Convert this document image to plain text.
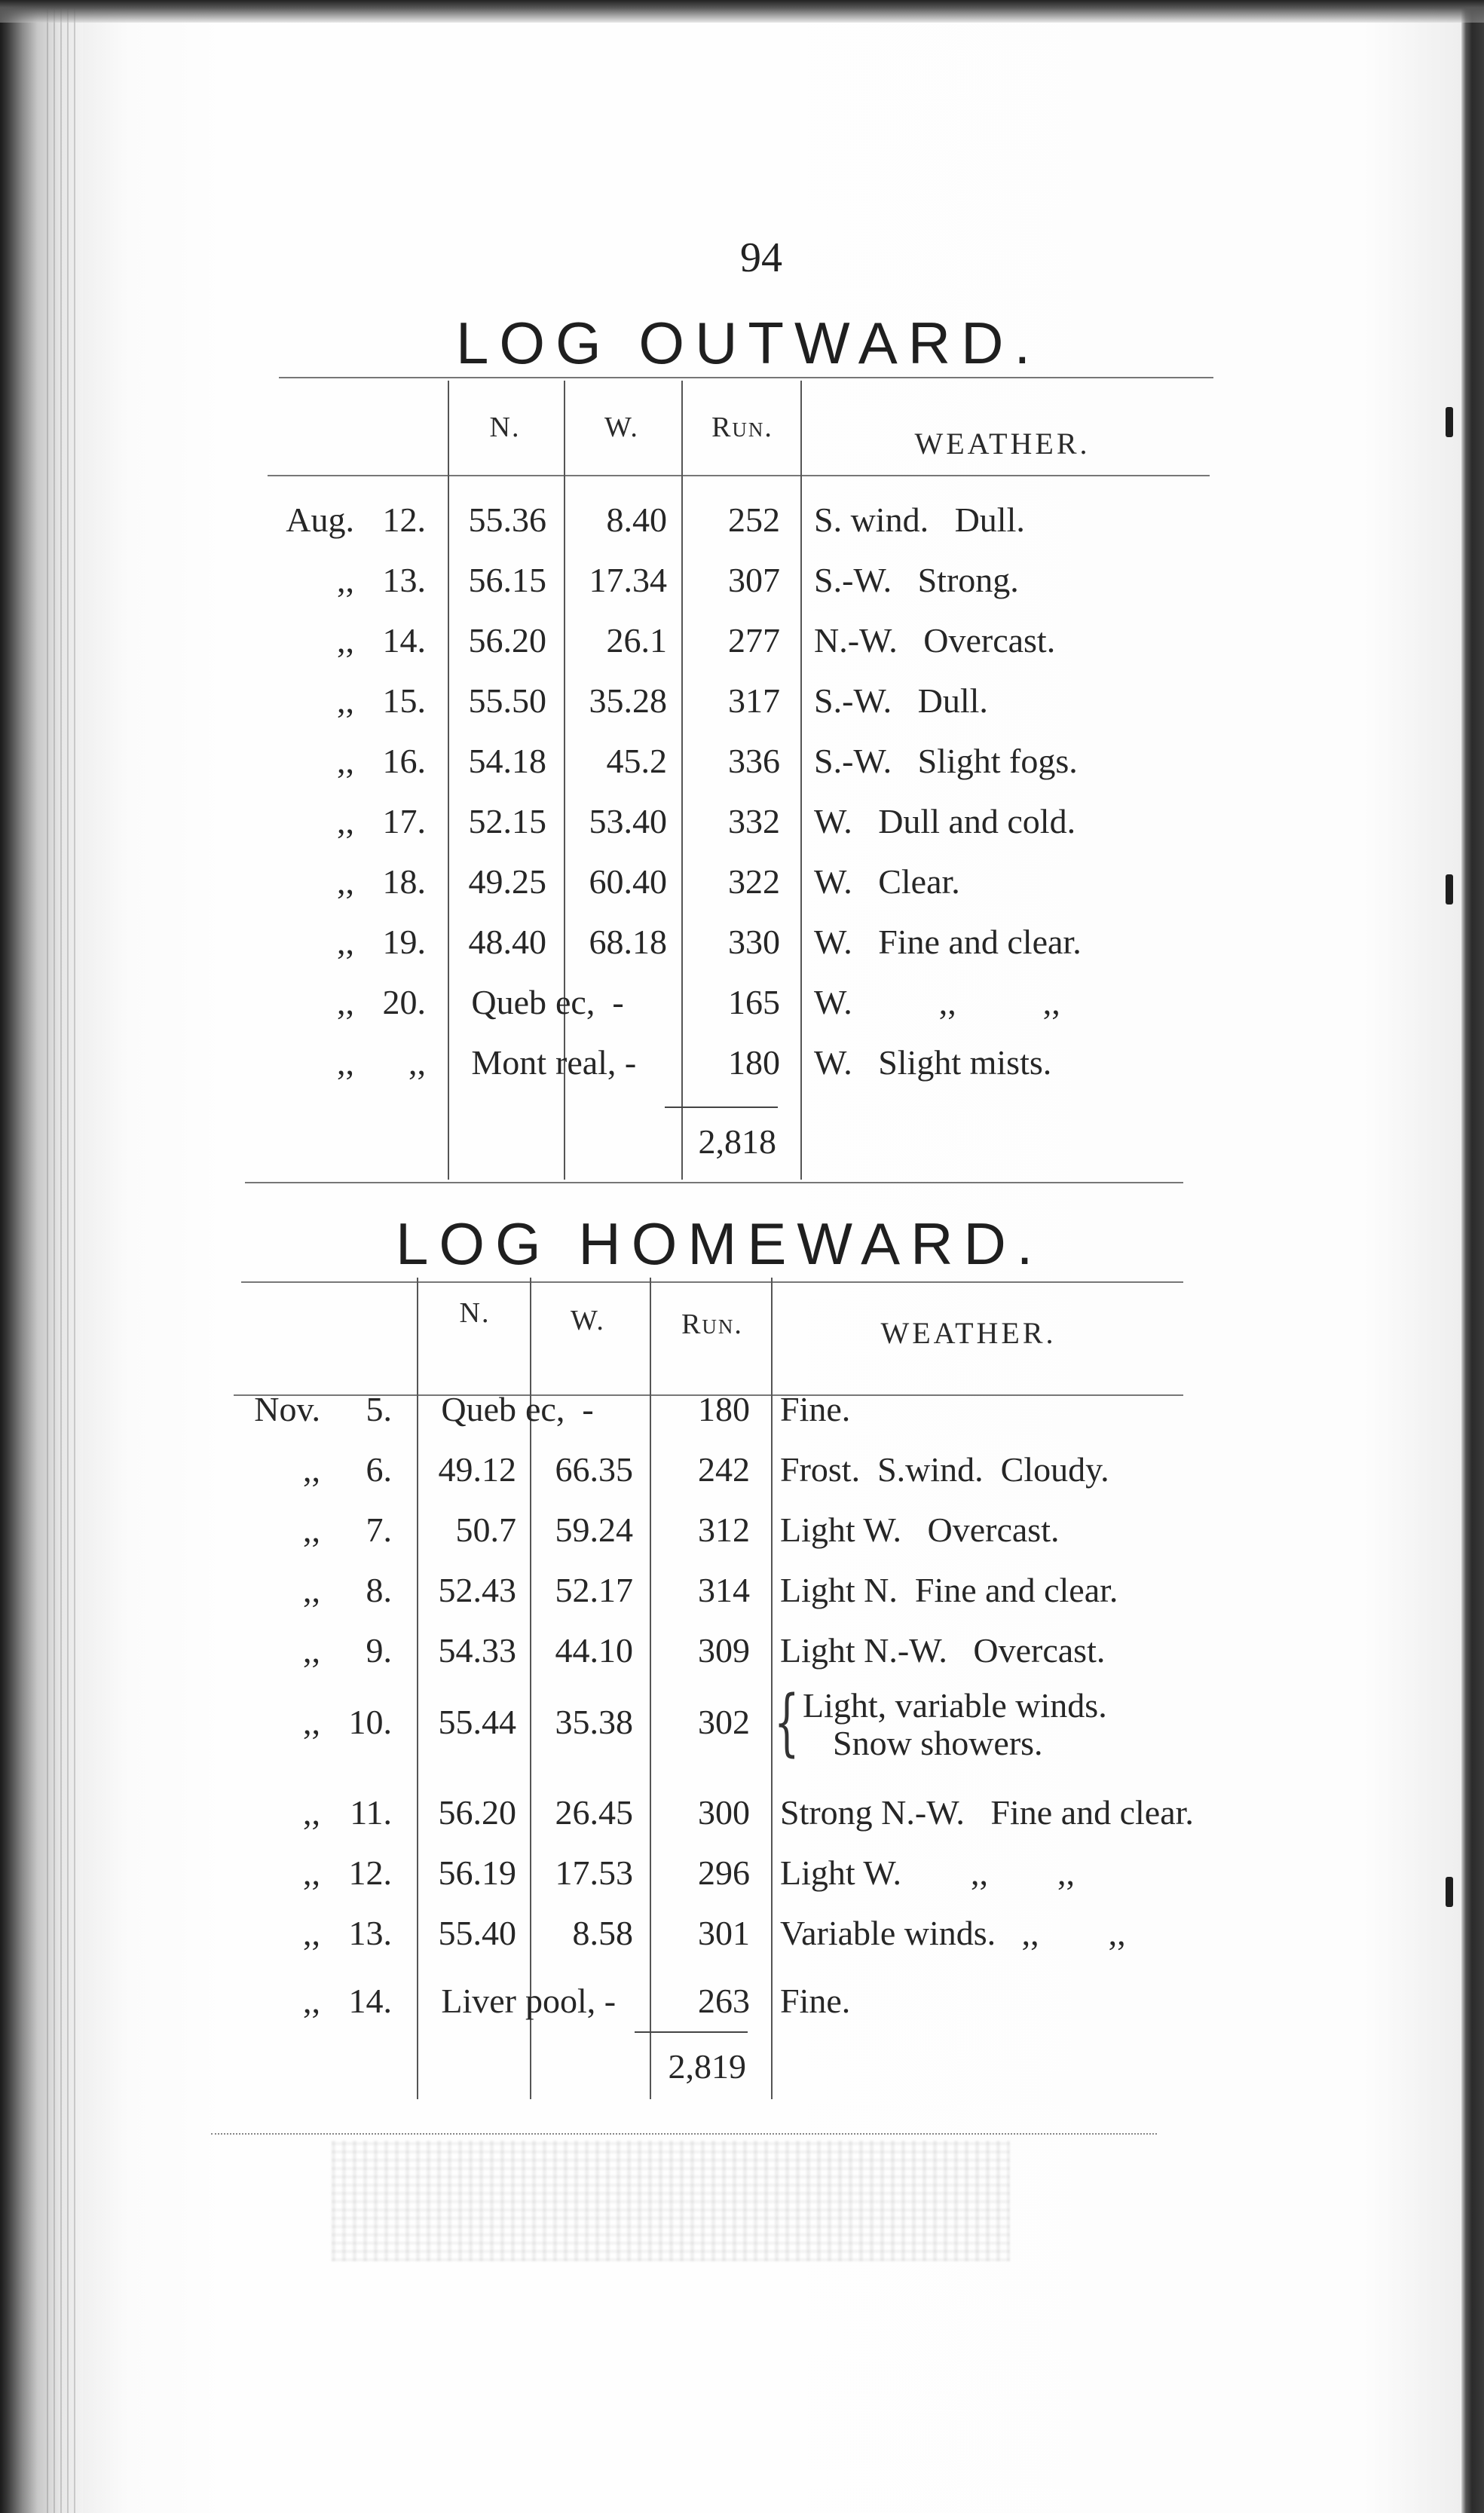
94
LOG OUTWARD.
N.	W.	Run.	WEATHER.
Aug. 12.	55.36	8.40	252 S. wind.   Dull.
,, 13.	56.15	17.34	307 S.-W.   Strong.
,, 14.	56.20	26.1	277 N.-W.   Overcast.
,, 15.	55.50	35.28	317 S.-W.   Dull.
,, 16.	54.18	45.2	336 S.-W.   Slight fogs.
,, 17.	52.15	53.40	332 W.   Dull and cold.
,, 18.	49.25	60.40	322 W.   Clear.
,, 19.	48.40	68.18	330 W.   Fine and clear.
,, 20.	Queb ec,  -	165 W.          ,,          ,,
,,	,,	Mont real, -	180 W.   Slight mists.
2,818
LOG HOMEWARD.
N.	W.	Run.	WEATHER.
Nov.	5.	Queb ec,  -	180 Fine.
,,	6.	49.12	66.35	242 Frost.  S.wind.  Cloudy.
,,	7.	50.7	59.24	312 Light W.   Overcast.
,,	8.	52.43	52.17	314 Light N.  Fine and clear.
,,	9.	54.33	44.10	309 Light N.-W.   Overcast.
,, 10.	55.44	35.38	302 Light, variable winds.
{ Snow showers.
,, 11.	56.20	26.45	300 Strong N.-W.   Fine and clear.
,, 12.	56.19	17.53	296 Light W.        ,,        ,,
,, 13.	55.40	8.58	301 Variable winds.   ,,        ,,
,, 14.	Liver pool, -	263 Fine.
2,819
